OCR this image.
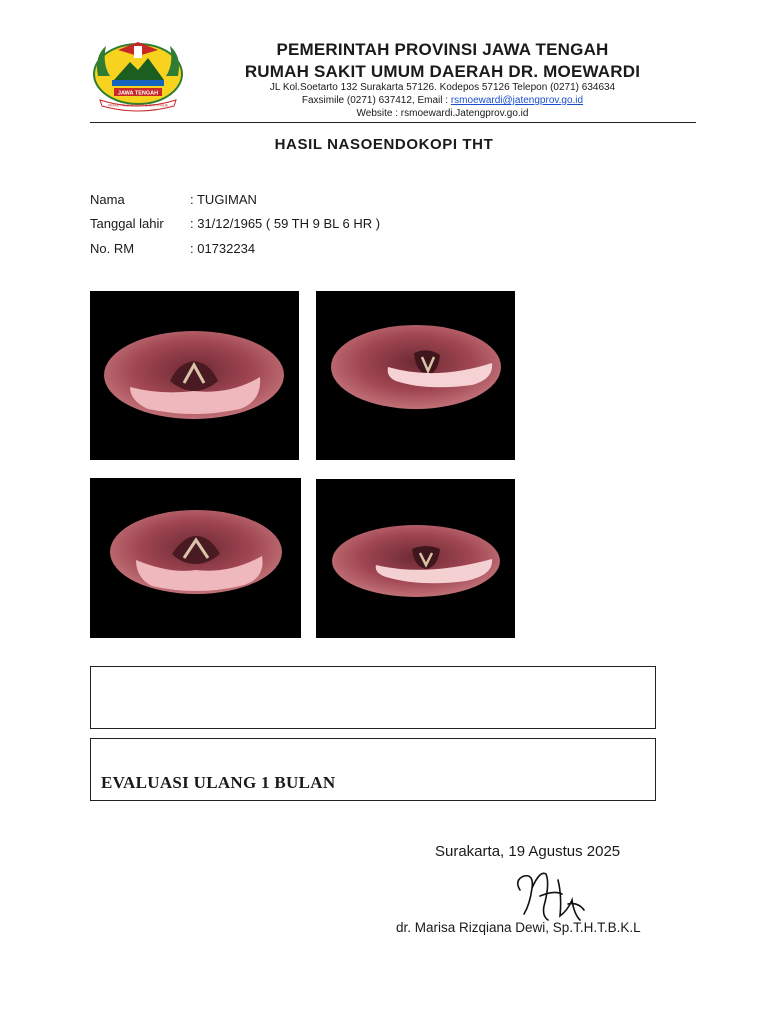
JAWA TENGAH
PRASETYA ULAH SAKTI BHAKTI PRAJA
PEMERINTAH PROVINSI JAWA TENGAH
RUMAH SAKIT UMUM DAERAH DR. MOEWARDI
JL Kol.Soetarto 132 Surakarta 57126. Kodepos 57126 Telepon (0271) 634634
Faxsimile (0271) 637412, Email : rsmoewardi@jatengprov.go.id
Website : rsmoewardi.Jatengprov.go.id
HASIL NASOENDOKOPI THT
Nama	: TUGIMAN
Tanggal lahir : 31/12/1965 ( 59 TH 9 BL 6 HR )
No. RM	: 01732234
EVALUASI ULANG 1 BULAN
Surakarta, 19 Agustus 2025
dr. Marisa Rizqiana Dewi, Sp.T.H.T.B.K.L
